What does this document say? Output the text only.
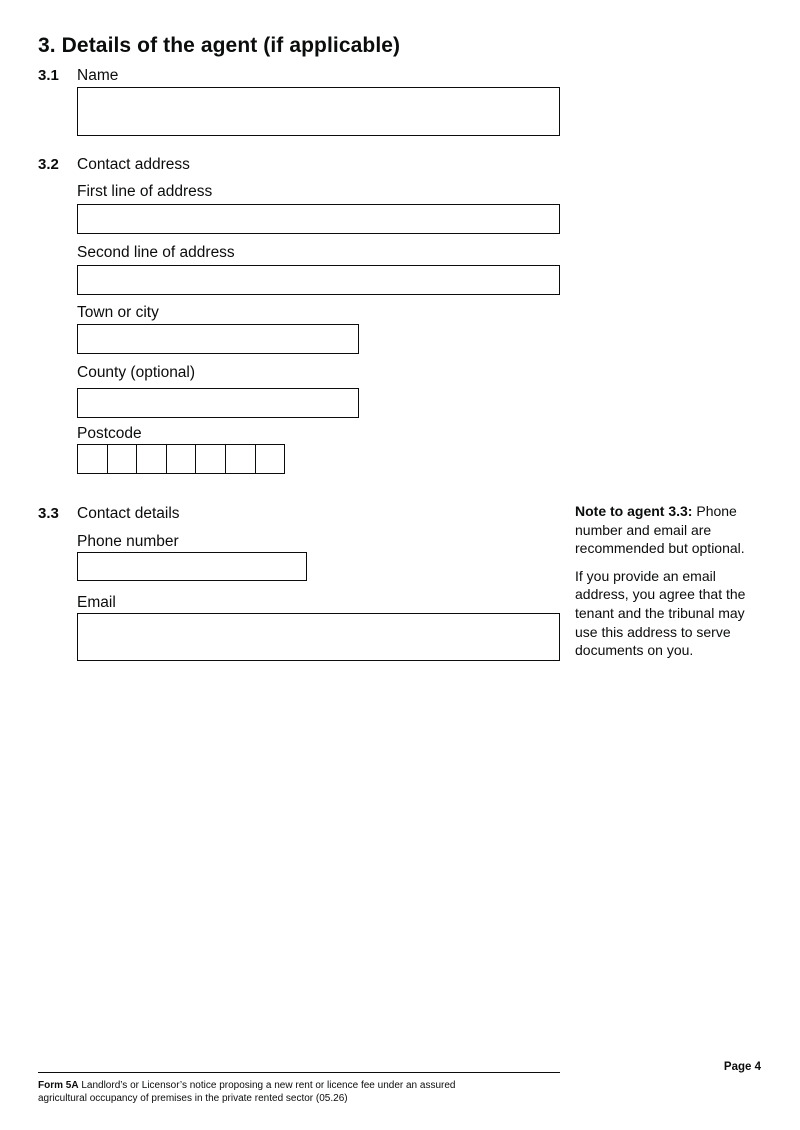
3. Details of the agent (if applicable)
3.1 Name
3.2 Contact address
First line of address
Second line of address
Town or city
County (optional)
Postcode
3.3 Contact details
Phone number
Email

Note to agent 3.3: Phone number and email are recommended but optional.

If you provide an email address, you agree that the tenant and the tribunal may use this address to serve documents on you.

Page 4
Form 5A Landlord’s or Licensor’s notice proposing a new rent or licence fee under an assured agricultural occupancy of premises in the private rented sector (05.26)
